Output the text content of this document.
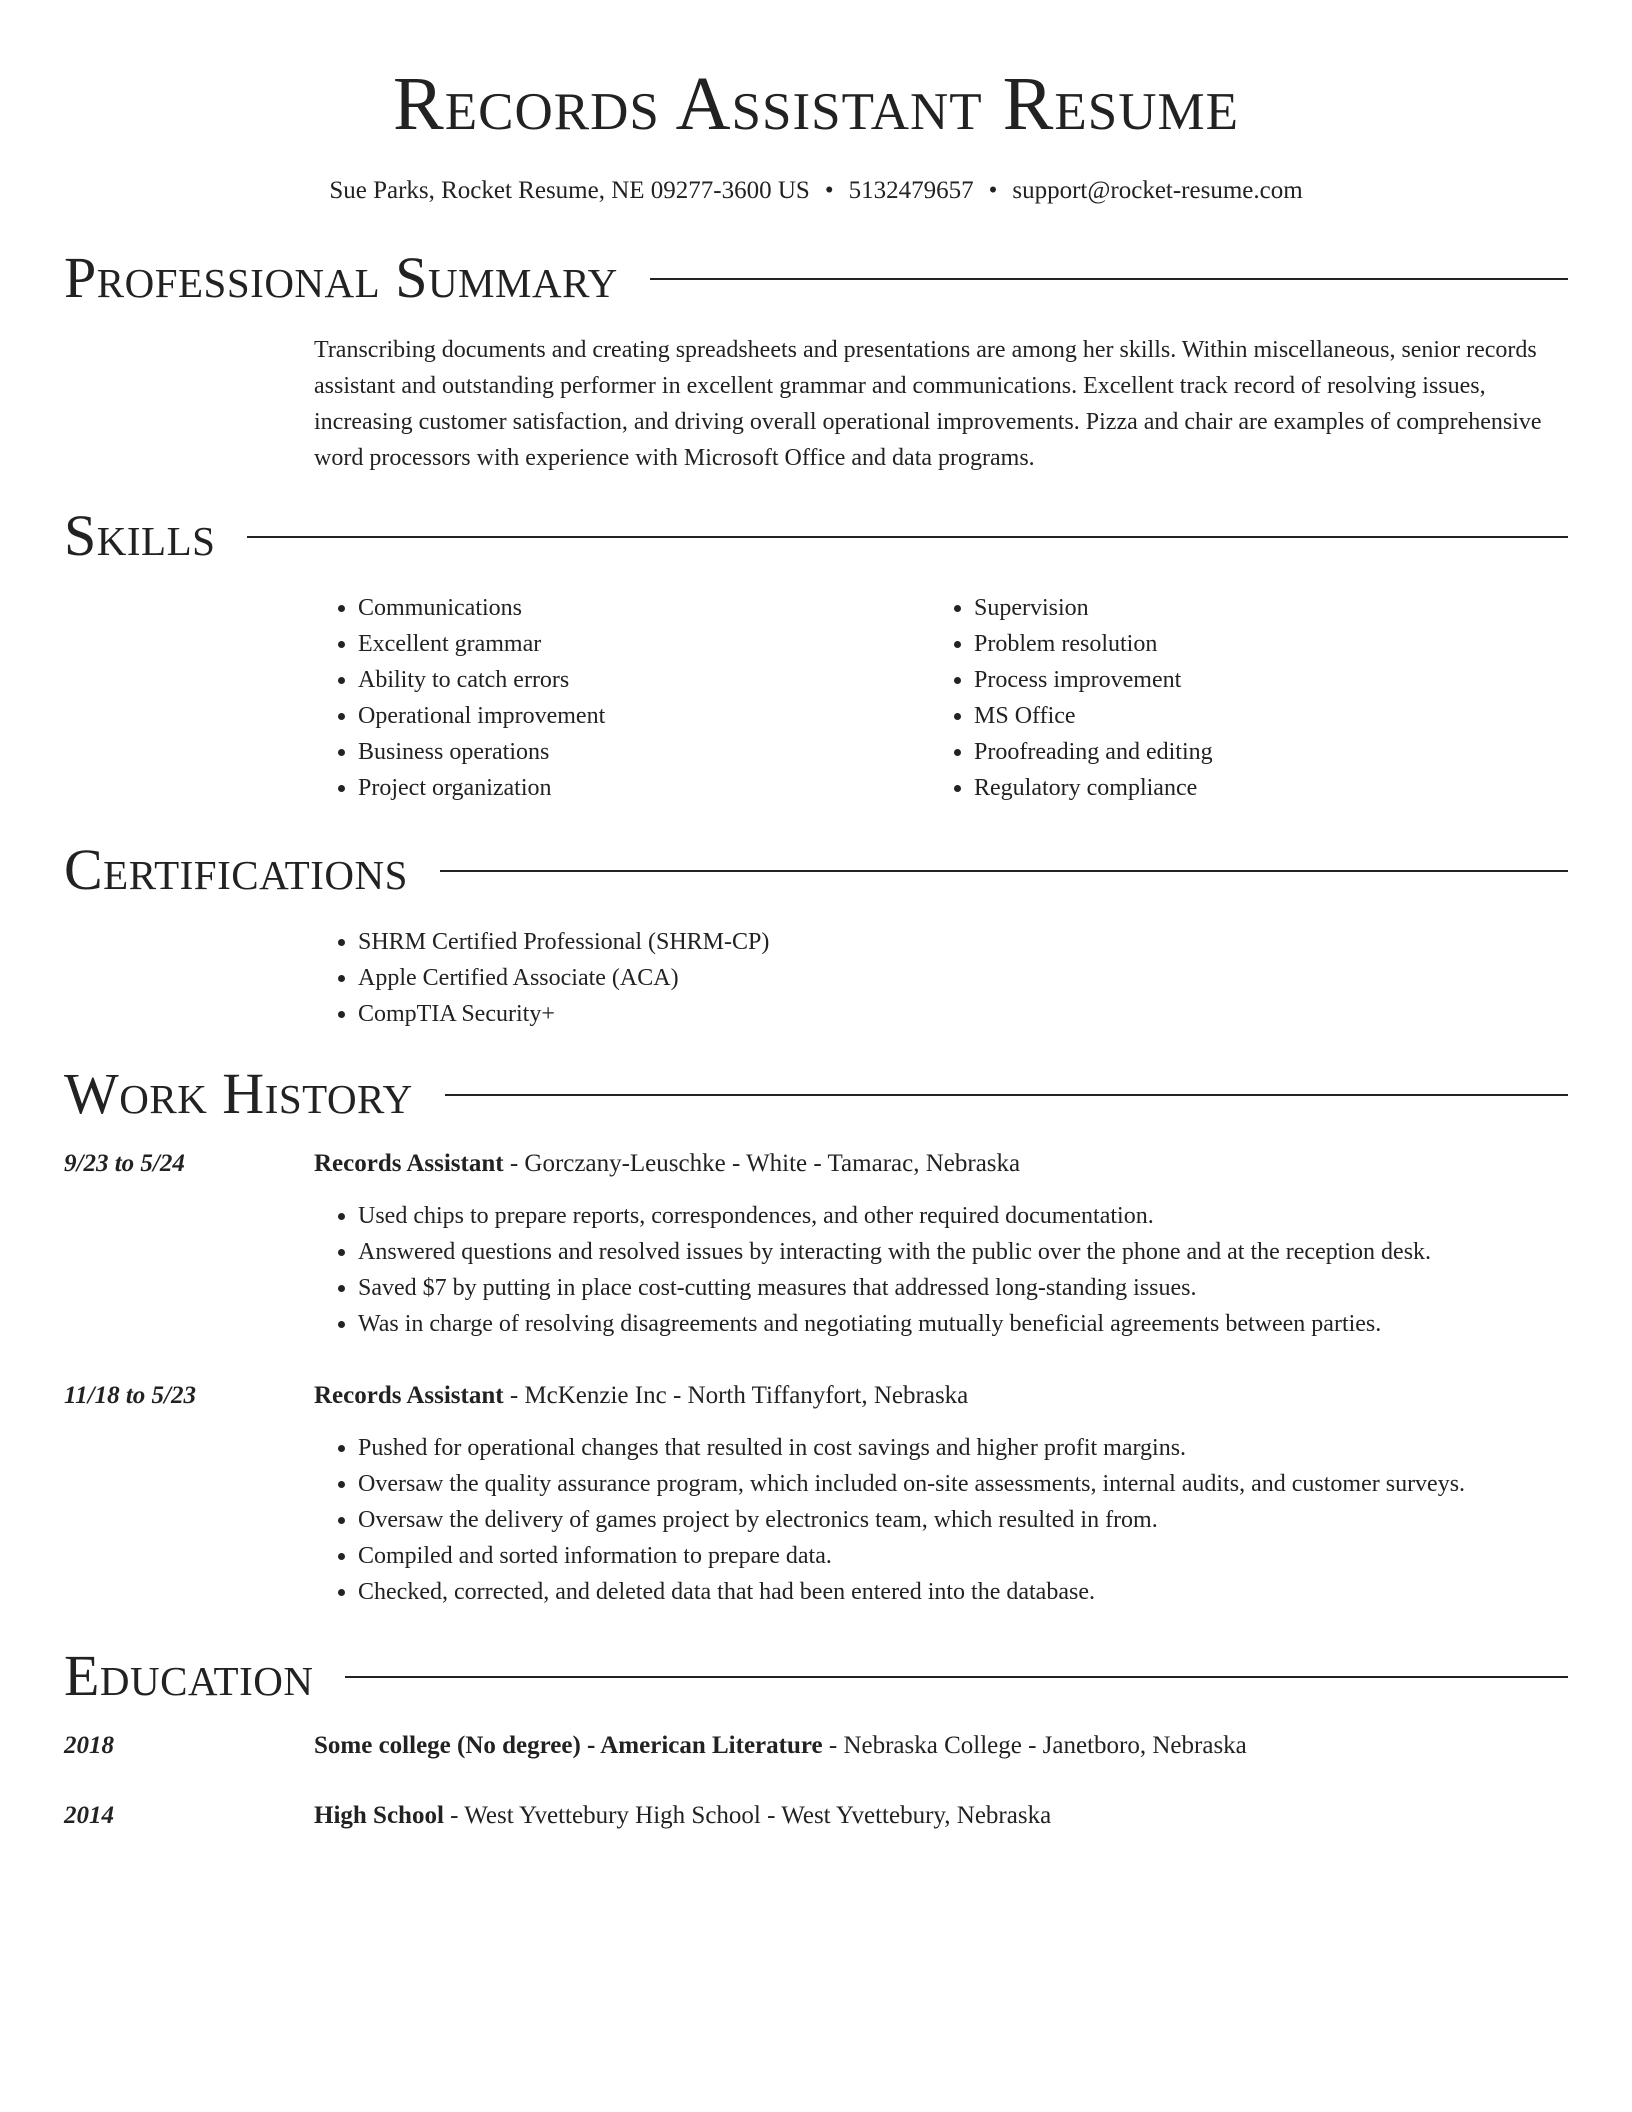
Records Assistant Resume
Sue Parks, Rocket Resume, NE 09277-3600 US • 5132479657 • support@rocket-resume.com
Professional Summary
Transcribing documents and creating spreadsheets and presentations are among her skills. Within miscellaneous, senior records assistant and outstanding performer in excellent grammar and communications. Excellent track record of resolving issues, increasing customer satisfaction, and driving overall operational improvements. Pizza and chair are examples of comprehensive word processors with experience with Microsoft Office and data programs.
Skills
• Communications
• Excellent grammar
• Ability to catch errors
• Operational improvement
• Business operations
• Project organization
• Supervision
• Problem resolution
• Process improvement
• MS Office
• Proofreading and editing
• Regulatory compliance
Certifications
• SHRM Certified Professional (SHRM-CP)
• Apple Certified Associate (ACA)
• CompTIA Security+
Work History
9/23 to 5/24	Records Assistant - Gorczany-Leuschke - White - Tamarac, Nebraska
• Used chips to prepare reports, correspondences, and other required documentation.
• Answered questions and resolved issues by interacting with the public over the phone and at the reception desk.
• Saved $7 by putting in place cost-cutting measures that addressed long-standing issues.
• Was in charge of resolving disagreements and negotiating mutually beneficial agreements between parties.
11/18 to 5/23	Records Assistant - McKenzie Inc - North Tiffanyfort, Nebraska
• Pushed for operational changes that resulted in cost savings and higher profit margins.
• Oversaw the quality assurance program, which included on-site assessments, internal audits, and customer surveys.
• Oversaw the delivery of games project by electronics team, which resulted in from.
• Compiled and sorted information to prepare data.
• Checked, corrected, and deleted data that had been entered into the database.
Education
2018	Some college (No degree) - American Literature - Nebraska College - Janetboro, Nebraska
2014	High School - West Yvettebury High School - West Yvettebury, Nebraska
